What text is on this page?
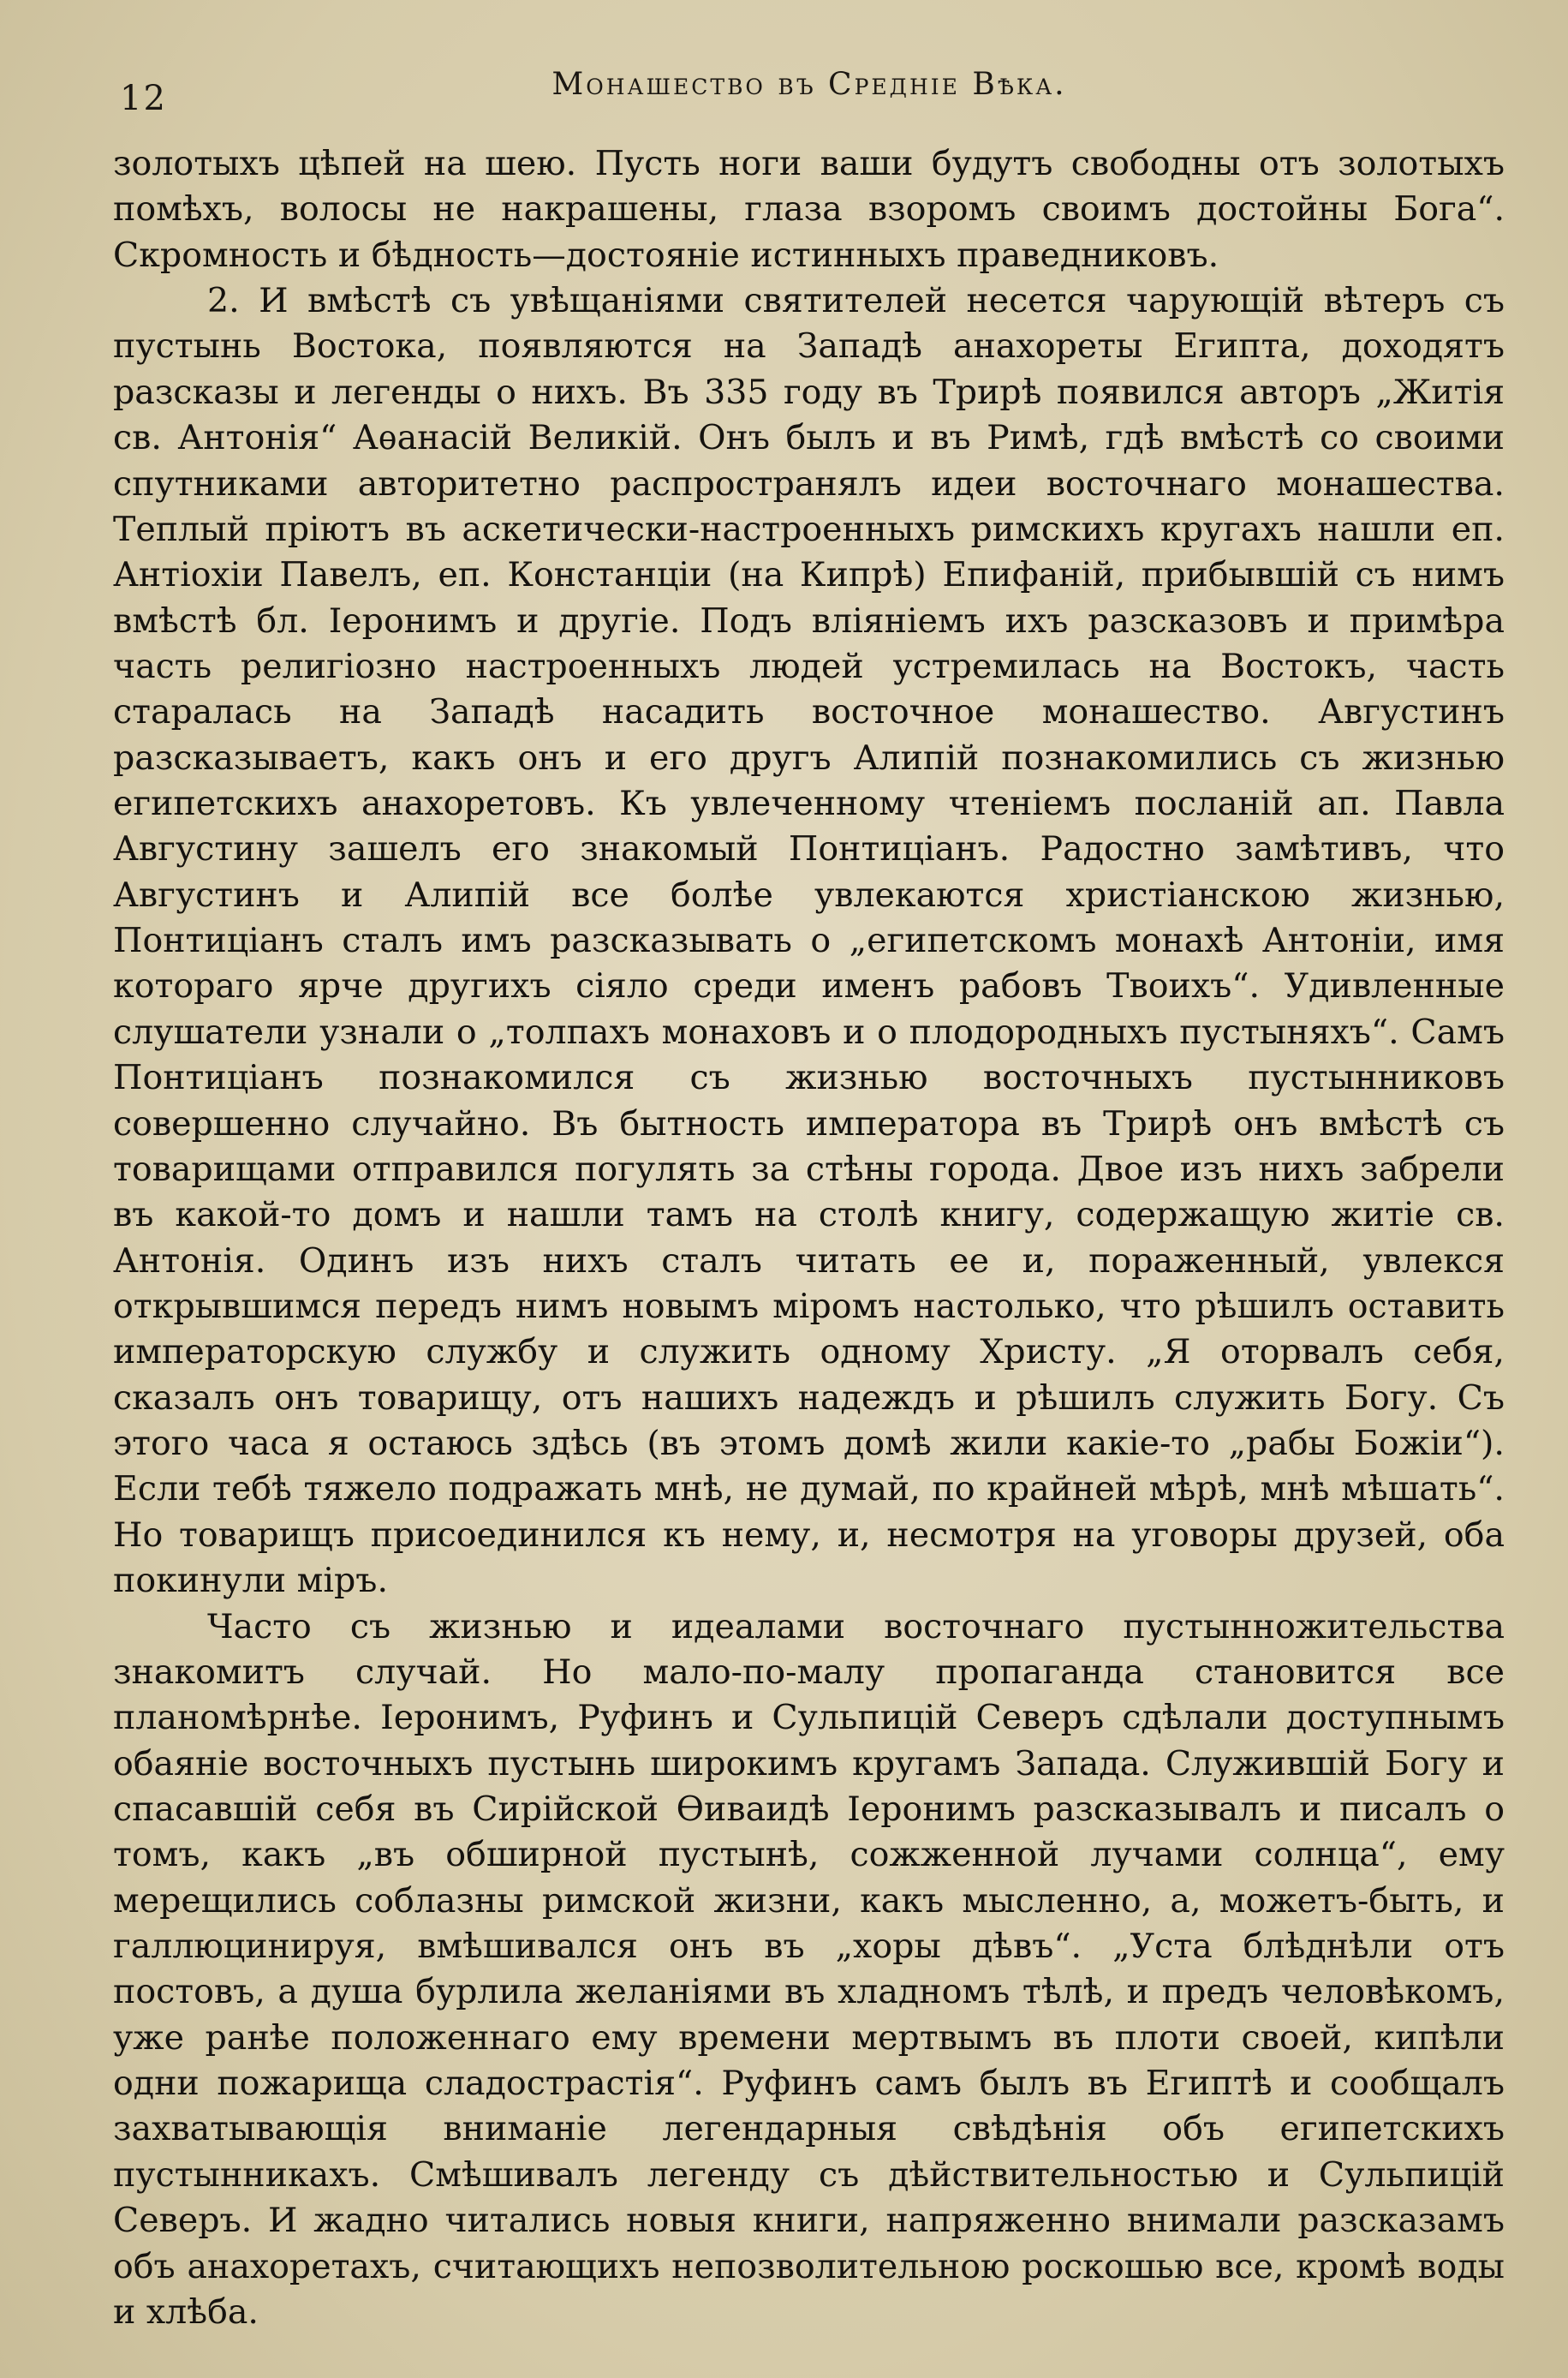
12	Монашество въ Средніе Вѣка.

золотыхъ цѣпей на шею. Пусть ноги ваши будутъ свободны отъ золотыхъ помѣхъ, волосы не накрашены, глаза взоромъ своимъ достойны Бога“. Скромность и бѣдность—достояніе истинныхъ праведниковъ.

2. И вмѣстѣ съ увѣщаніями святителей несется чарующій вѣтеръ съ пустынь Востока, появляются на Западѣ анахореты Египта, доходятъ разсказы и легенды о нихъ. Въ 335 году въ Трирѣ появился авторъ „Житія св. Антонія“ Аѳанасій Великій. Онъ былъ и въ Римѣ, гдѣ вмѣстѣ со своими спутниками авторитетно распространялъ идеи восточнаго монашества. Теплый пріютъ въ аскетически-настроенныхъ римскихъ кругахъ нашли еп. Антіохіи Павелъ, еп. Констанціи (на Кипрѣ) Епифаній, прибывшій съ нимъ вмѣстѣ бл. Іеронимъ и другіе. Подъ вліяніемъ ихъ разсказовъ и примѣра часть религіозно настроенныхъ людей устремилась на Востокъ, часть старалась на Западѣ насадить восточное монашество. Августинъ разсказываетъ, какъ онъ и его другъ Алипій познакомились съ жизнью египетскихъ анахоретовъ. Къ увлеченному чтеніемъ посланій ап. Павла Августину зашелъ его знакомый Понтиціанъ. Радостно замѣтивъ, что Августинъ и Алипій все болѣе увлекаются христіанскою жизнью, Понтиціанъ сталъ имъ разсказывать о „египетскомъ монахѣ Антоніи, имя котораго ярче другихъ сіяло среди именъ рабовъ Твоихъ“. Удивленные слушатели узнали о „толпахъ монаховъ и о плодородныхъ пустыняхъ“. Самъ Понтиціанъ познакомился съ жизнью восточныхъ пустынниковъ совершенно случайно. Въ бытность императора въ Трирѣ онъ вмѣстѣ съ товарищами отправился погулять за стѣны города. Двое изъ нихъ забрели въ какой-то домъ и нашли тамъ на столѣ книгу, содержащую житіе св. Антонія. Одинъ изъ нихъ сталъ читать ее и, пораженный, увлекся открывшимся передъ нимъ новымъ міромъ настолько, что рѣшилъ оставить императорскую службу и служить одному Христу. „Я оторвалъ себя, сказалъ онъ товарищу, отъ нашихъ надеждъ и рѣшилъ служить Богу. Съ этого часа я остаюсь здѣсь (въ этомъ домѣ жили какіе-то „рабы Божіи“). Если тебѣ тяжело подражать мнѣ, не думай, по крайней мѣрѣ, мнѣ мѣшать“. Но товарищъ присоединился къ нему, и, несмотря на уговоры друзей, оба покинули міръ.

Часто съ жизнью и идеалами восточнаго пустынножительства знакомитъ случай. Но мало-по-малу пропаганда становится все планомѣрнѣе. Іеронимъ, Руфинъ и Сульпицій Северъ сдѣлали доступнымъ обаяніе восточныхъ пустынь широкимъ кругамъ Запада. Служившій Богу и спасавшій себя въ Сирійской Ѳиваидѣ Іеронимъ разсказывалъ и писалъ о томъ, какъ „въ обширной пустынѣ, сожженной лучами солнца“, ему мерещились соблазны римской жизни, какъ мысленно, а, можетъ-быть, и галлюцинируя, вмѣшивался онъ въ „хоры дѣвъ“. „Уста блѣднѣли отъ постовъ, а душа бурлила желаніями въ хладномъ тѣлѣ, и предъ человѣкомъ, уже ранѣе положеннаго ему времени мертвымъ въ плоти своей, кипѣли одни пожарища сладострастія“. Руфинъ самъ былъ въ Египтѣ и сообщалъ захватывающія вниманіе легендарныя свѣдѣнія объ египетскихъ пустынникахъ. Смѣшивалъ легенду съ дѣйствительностью и Сульпицій Северъ. И жадно читались новыя книги, напряженно внимали разсказамъ объ анахоретахъ, считающихъ непозволительною роскошью все, кромѣ воды и хлѣба.
